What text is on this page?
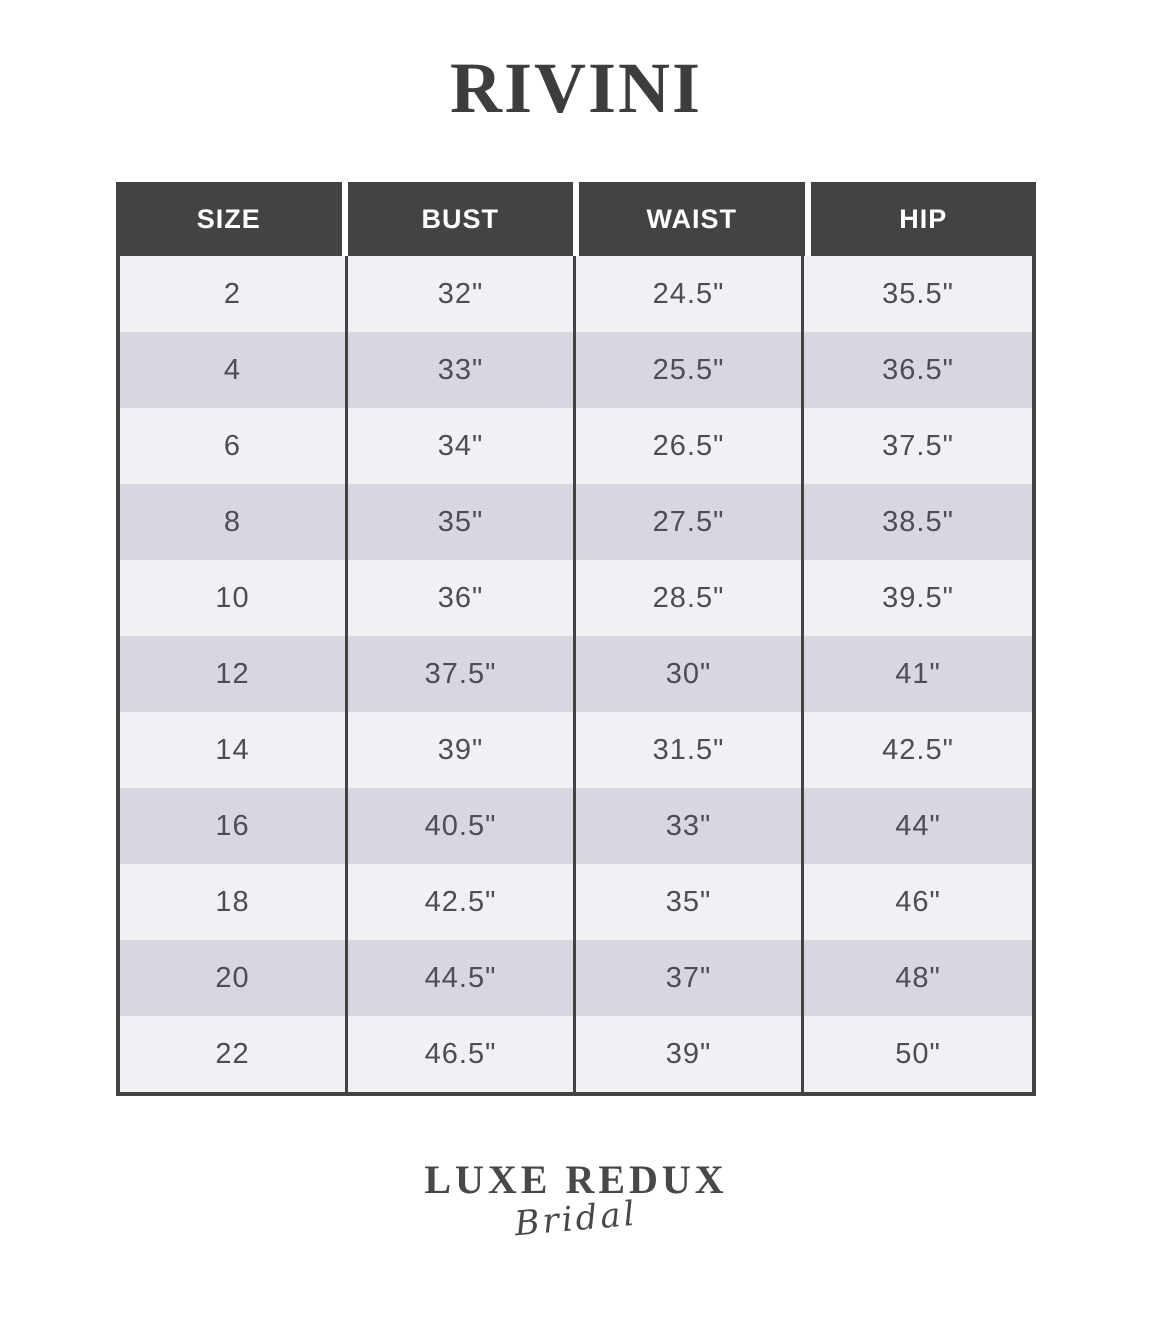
RIVINI
SIZE	BUST	WAIST	HIP
2	32"	24.5"	35.5"
4	33"	25.5"	36.5"
6	34"	26.5"	37.5"
8	35"	27.5"	38.5"
10	36"	28.5"	39.5"
12	37.5"	30"	41"
14	39"	31.5"	42.5"
16	40.5"	33"	44"
18	42.5"	35"	46"
20	44.5"	37"	48"
22	46.5"	39"	50"
LUXE REDUX
Bridal
